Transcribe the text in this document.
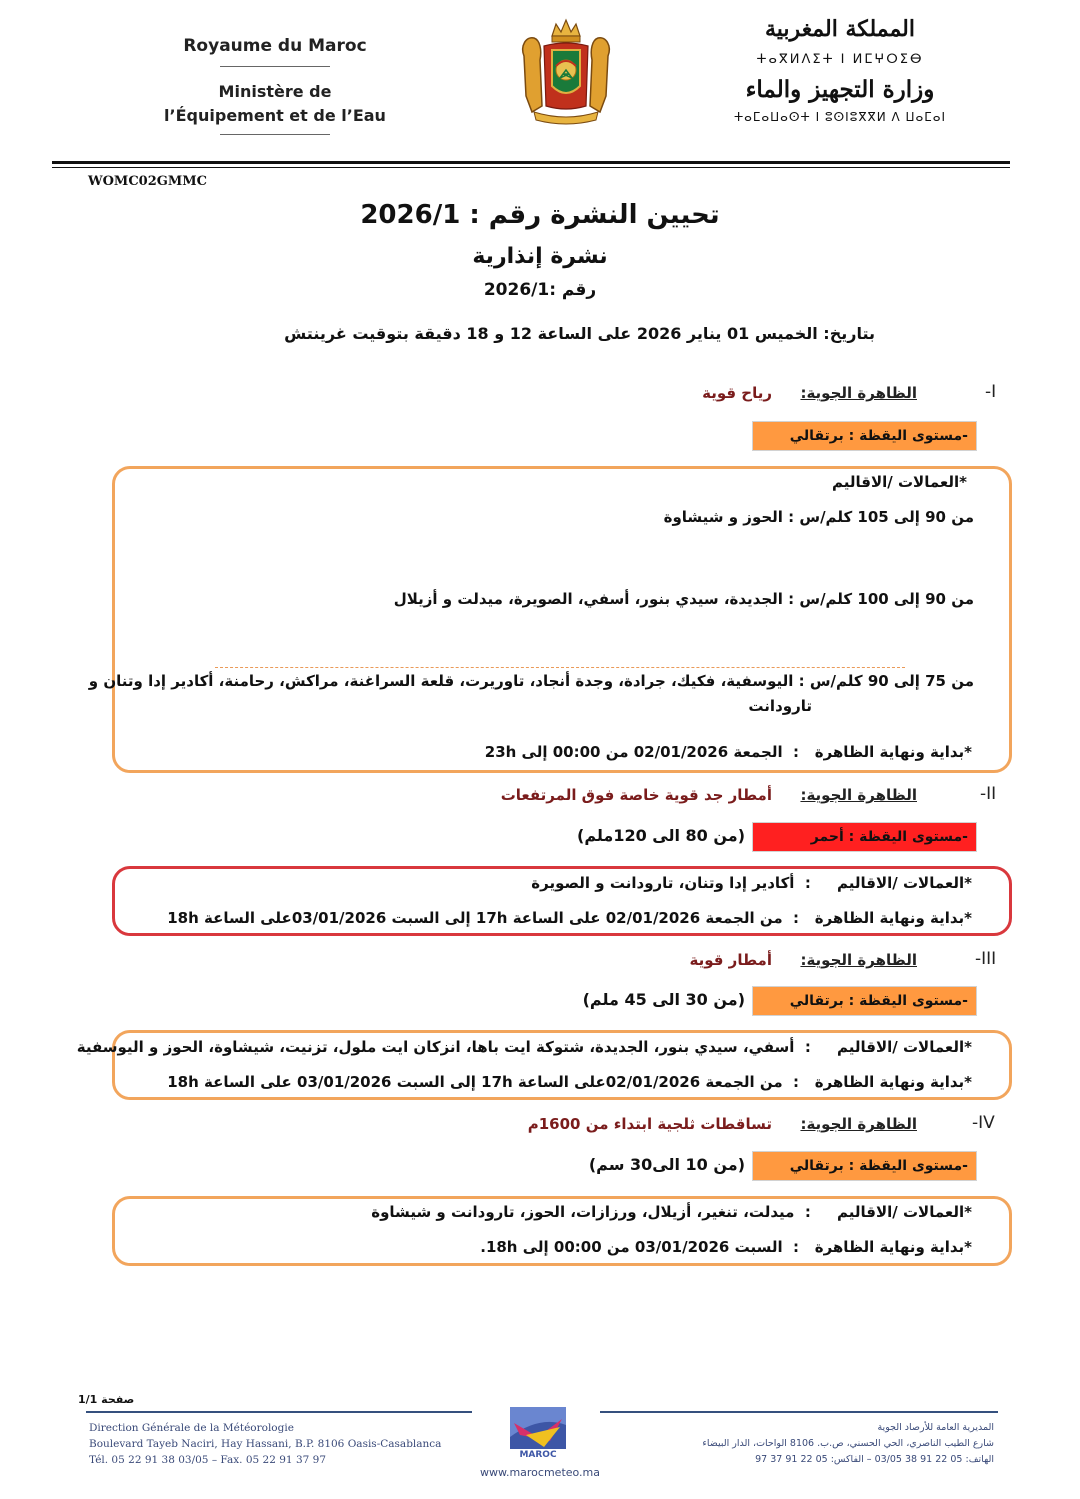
Royaume du Maroc
Ministère de
l’Équipement et de l’Eau
المملكة المغربية
ⵜⴰⴳⵍⴷⵉⵜ ⵏ ⵍⵎⵖⵔⵉⴱ
وزارة التجهيز والماء
ⵜⴰⵎⴰⵡⴰⵙⵜ ⵏ ⵓⵙⵏⵓⴳⴳⵍ ⴷ ⵡⴰⵎⴰⵏ
WOMC02GMMC
تحيين النشرة رقم : 2026/1
نشرة إنذارية
رقم :2026/1
بتاريخ: الخميس 01 يناير 2026 على الساعة 12 و 18 دقيقة بتوقيت غرينتش
-I
الظاهرة الجوية:
رياح قوية
-مستوى اليقظة :

برتقالي
*العمالات /الاقاليم
من 90 إلى 105 كلم/س : الحوز و شيشاوة
من 90 إلى 100 كلم/س : الجديدة، سيدي بنور، أسفي، الصويرة، ميدلت و أزيلال
من 75 إلى 90 كلم/س : اليوسفية، فكيك، جرادة، وجدة أنجاد، تاوريرت، قلعة السراغنة، مراكش، رحامنة، أكادير إدا وتنان و
تارودانت
*بداية ونهاية الظاهرة   :  الجمعة 02/01/2026 من 00:00 إلى 23h
-II
الظاهرة الجوية:
أمطار جد قوية خاصة فوق المرتفعات
-مستوى اليقظة :

أحمر
(من 80 الى 120ملم)
*العمالات /الاقاليم     :  أكادير إدا وتنان، تارودانت و الصويرة
*بداية ونهاية الظاهرة   :  من الجمعة 02/01/2026 على الساعة 17h إلى السبت 03/01/2026على الساعة 18h
-III
الظاهرة الجوية:
أمطار قوية
-مستوى اليقظة :

برتقالي
(من 30 الى 45 ملم)
*العمالات /الاقاليم     :  أسفي، سيدي بنور، الجديدة، شتوكة ايت باها، انزكان ايت ملول، تزنيت، شيشاوة، الحوز و اليوسفية
*بداية ونهاية الظاهرة   :  من الجمعة 02/01/2026على الساعة 17h إلى السبت 03/01/2026 على الساعة 18h
-IV
الظاهرة الجوية:
تساقطات ثلجية ابتداء من 1600م
-مستوى اليقظة :

برتقالي
(من 10 الى30 سم)
*العمالات /الاقاليم     :  ميدلت، تنغير، أزيلال، ورزازات، الحوز، تارودانت و شيشاوة
*بداية ونهاية الظاهرة   :  السبت 03/01/2026 من 00:00 إلى 18h.
صفحة 1/1
Direction Générale de la Météorologie
Boulevard Tayeb Naciri, Hay Hassani, B.P. 8106 Oasis-Casablanca
Tél. 05 22 91 38 03/05 – Fax. 05 22 91 37 97
المديرية العامة للأرصاد الجوية
شارع الطيب الناصري، الحي الحسني، ص.ب. 8106 الواحات، الدار البيضاء
الهاتف: 05 22 91 38 03/05 – الفاكس: 05 22 91 37 97
MAROC
www.marocmeteo.ma
